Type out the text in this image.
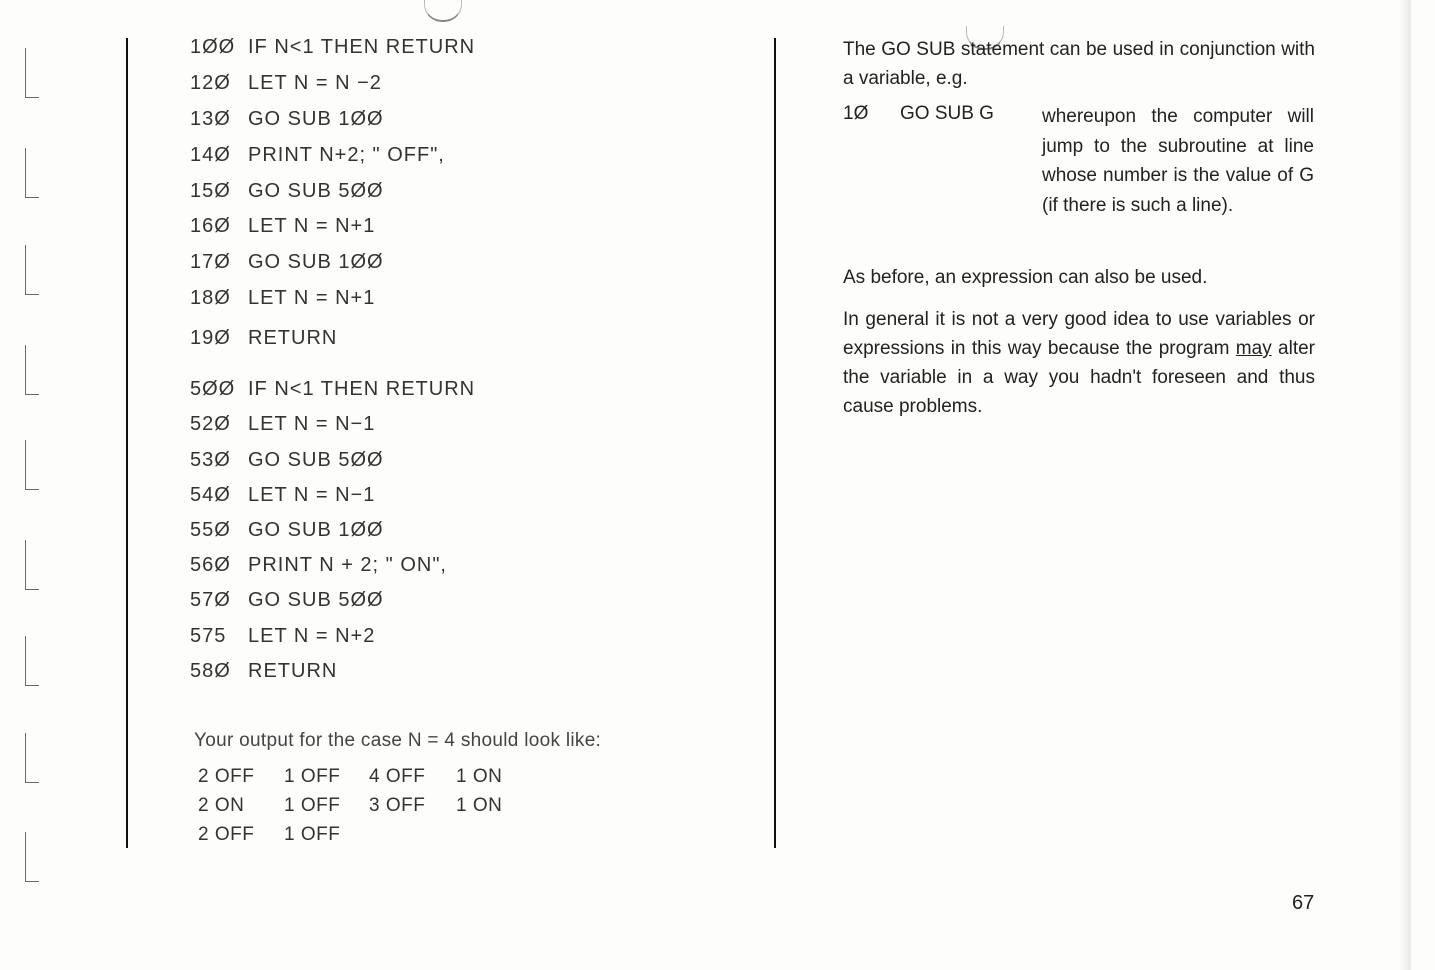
1ØØ IF N<1 THEN RETURN
12Ø LET N = N −2
13Ø GO SUB 1ØØ
14Ø PRINT N+2; " OFF",
15Ø GO SUB 5ØØ
16Ø LET N = N+1
17Ø GO SUB 1ØØ
18Ø LET N = N+1
19Ø RETURN
5ØØ IF N<1 THEN RETURN
52Ø LET N = N−1
53Ø GO SUB 5ØØ
54Ø LET N = N−1
55Ø GO SUB 1ØØ
56Ø PRINT N + 2; " ON",
57Ø GO SUB 5ØØ
575 LET N = N+2
58Ø RETURN
Your output for the case N = 4 should look like:
2 OFF 1 OFF 4 OFF 1 ON
2 ON 1 OFF 3 OFF 1 ON
2 OFF 1 OFF
The GO SUB statement can be used in conjunction with a variable, e.g.
1Ø GO SUB G	whereupon the computer will jump to the subroutine at line whose number is the value of G (if there is such a line).
As before, an expression can also be used.
In general it is not a very good idea to use variables or expressions in this way because the program may alter the variable in a way you hadn't foreseen and thus cause problems.
67
